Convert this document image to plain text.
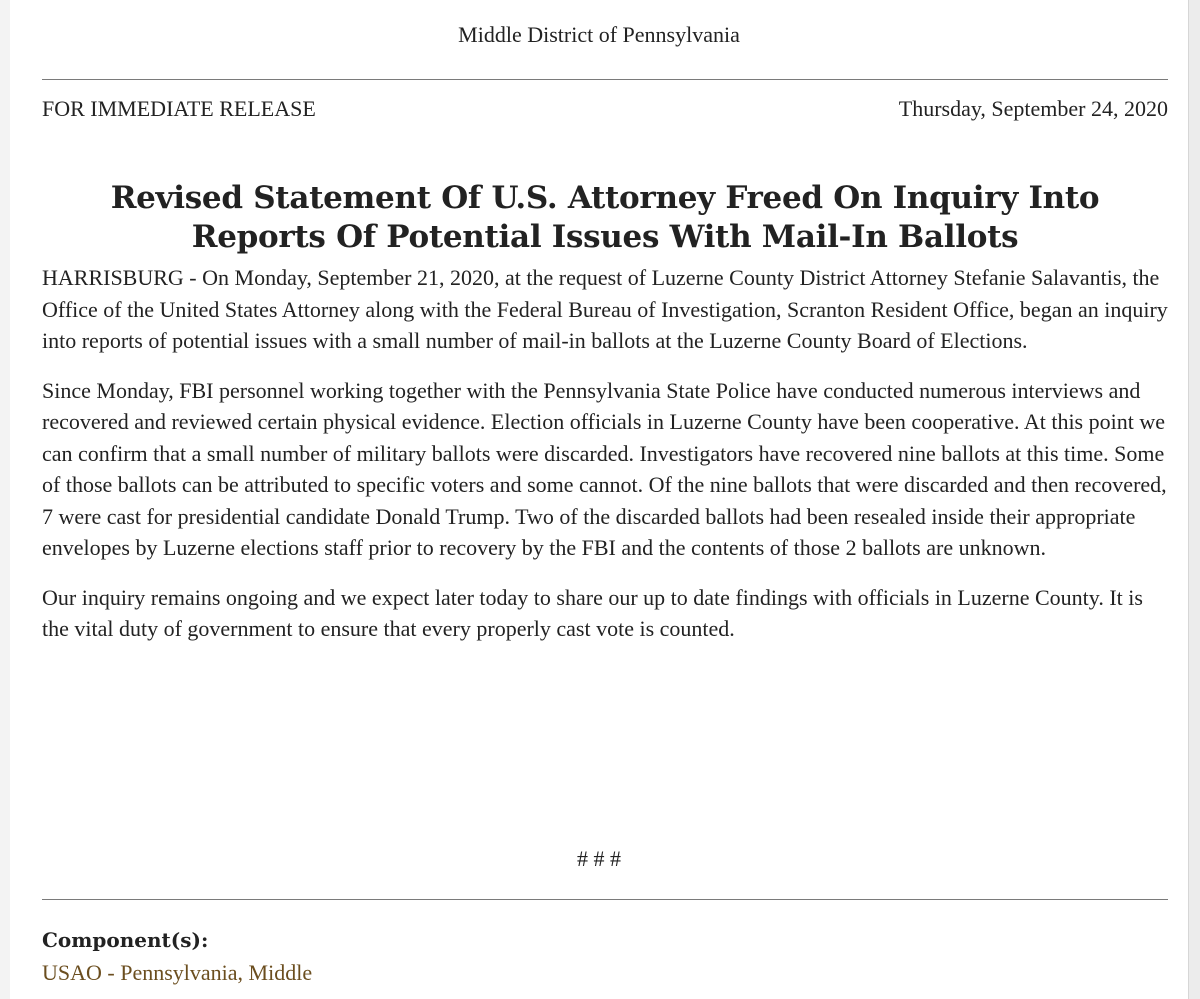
Middle District of Pennsylvania
FOR IMMEDIATE RELEASE	Thursday, September 24, 2020
Revised Statement Of U.S. Attorney Freed On Inquiry Into Reports Of Potential Issues With Mail-In Ballots

HARRISBURG - On Monday, September 21, 2020, at the request of Luzerne County District Attorney Stefanie Salavantis, the Office of the United States Attorney along with the Federal Bureau of Investigation, Scranton Resident Office, began an inquiry into reports of potential issues with a small number of mail-in ballots at the Luzerne County Board of Elections.

Since Monday, FBI personnel working together with the Pennsylvania State Police have conducted numerous interviews and recovered and reviewed certain physical evidence. Election officials in Luzerne County have been cooperative. At this point we can confirm that a small number of military ballots were discarded. Investigators have recovered nine ballots at this time. Some of those ballots can be attributed to specific voters and some cannot. Of the nine ballots that were discarded and then recovered, 7 were cast for presidential candidate Donald Trump. Two of the discarded ballots had been resealed inside their appropriate envelopes by Luzerne elections staff prior to recovery by the FBI and the contents of those 2 ballots are unknown.

Our inquiry remains ongoing and we expect later today to share our up to date findings with officials in Luzerne County. It is the vital duty of government to ensure that every properly cast vote is counted.

# # #
Component(s):
USAO - Pennsylvania, Middle
